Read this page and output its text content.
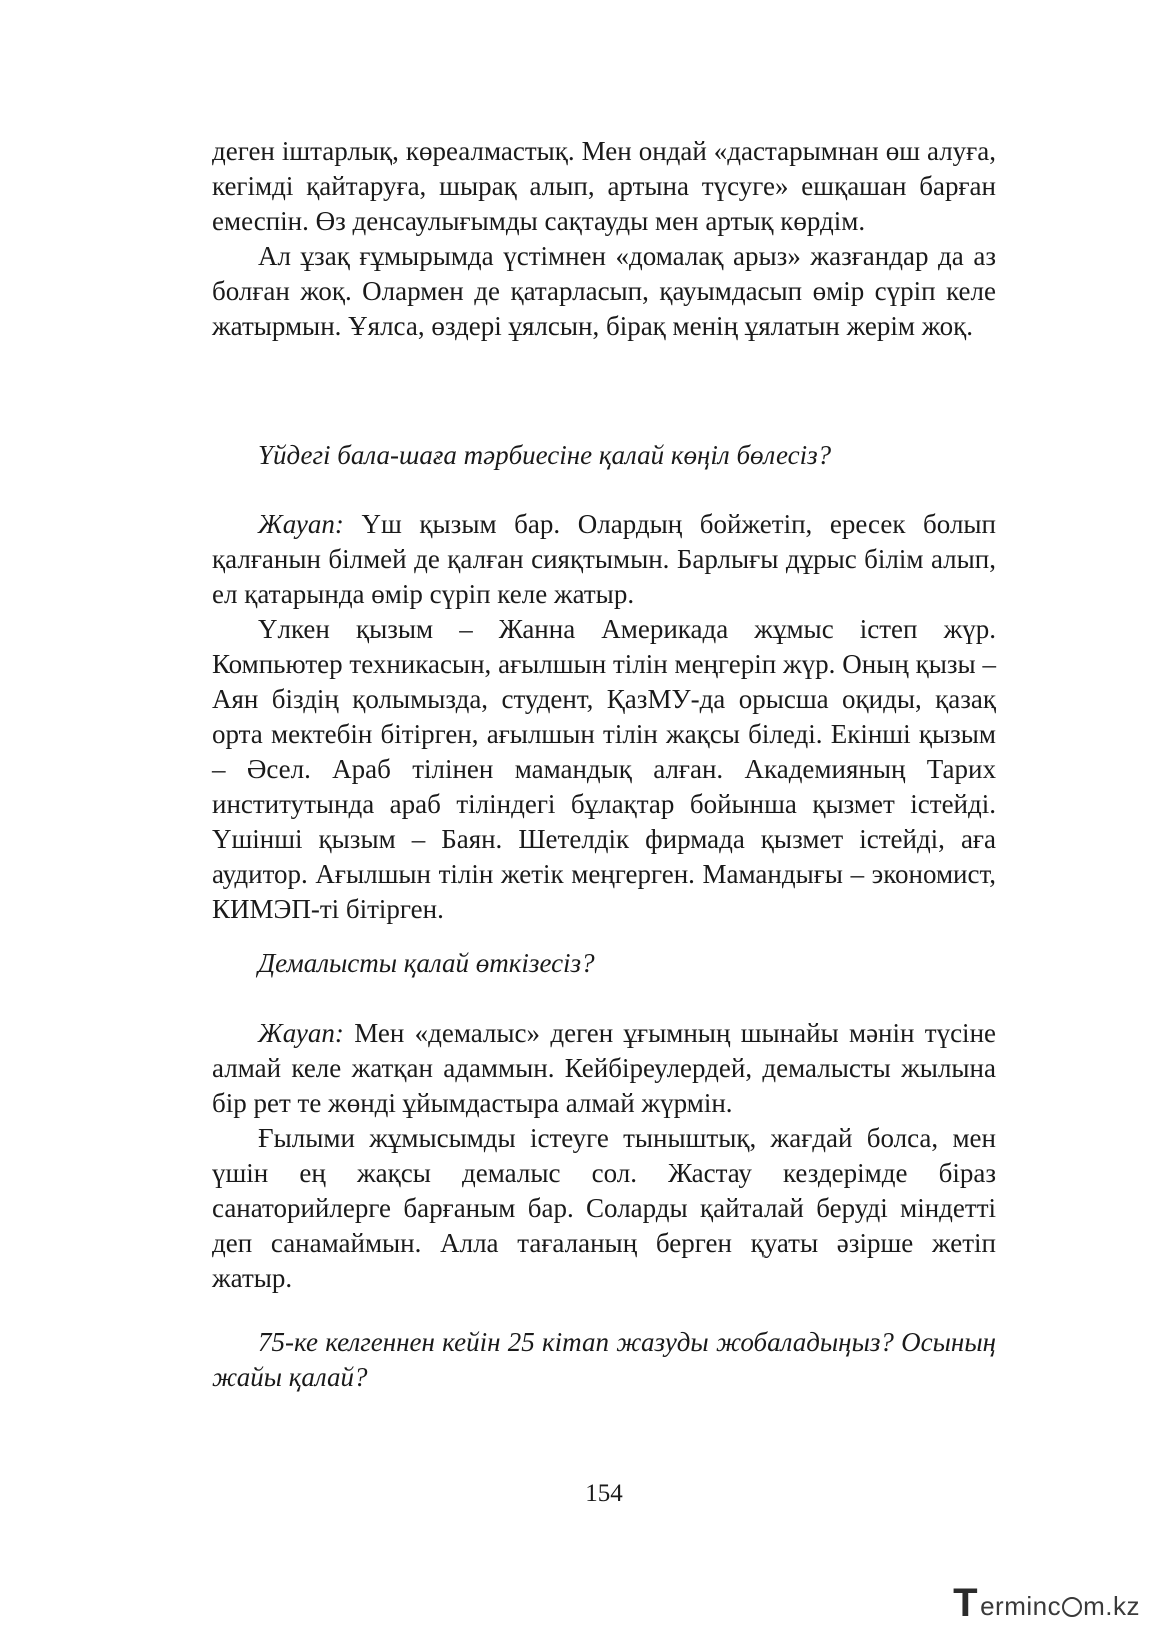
деген іштарлық, көреалмастық. Мен ондай «дастарымнан өш алуға, кегімді қайтаруға, шырақ алып, артына түсуге» ешқашан барған емеспін. Өз денсаулығымды сақтауды мен артық көрдім.

Ал ұзақ ғұмырымда үстімнен «домалақ арыз» жазғандар да аз болған жоқ. Олармен де қатарласып, қауымдасып өмір сүріп келе жатырмын. Ұялса, өздері ұялсын, бірақ менің ұялатын жерім жоқ.

Үйдегі бала-шаға тәрбиесіне қалай көңіл бөлесіз?

Жауап: Үш қызым бар. Олардың бойжетіп, ересек болып қалғанын білмей де қалған сияқтымын. Барлығы дұрыс білім алып, ел қатарында өмір сүріп келе жатыр.

Үлкен қызым – Жанна Америкада жұмыс істеп жүр. Компьютер техникасын, ағылшын тілін меңгеріп жүр. Оның қызы – Аян біздің қолымызда, студент, ҚазМУ-да орысша оқиды, қазақ орта мектебін бітірген, ағылшын тілін жақсы біледі. Екінші қызым – Әсел. Араб тілінен мамандық алған. Академияның Тарих институтында араб тіліндегі бұлақтар бойынша қызмет істейді. Үшінші қызым – Баян. Шетелдік фирмада қызмет істейді, аға аудитор. Ағылшын тілін жетік меңгерген. Мамандығы – экономист, КИМЭП-ті бітірген.

Демалысты қалай өткізесіз?

Жауап: Мен «демалыс» деген ұғымның шынайы мәнін түсіне алмай келе жатқан адаммын. Кейбіреулердей, демалысты жылына бір рет те жөнді ұйымдастыра алмай жүрмін.

Ғылыми жұмысымды істеуге тыныштық, жағдай болса, мен үшін ең жақсы демалыс сол. Жастау кездерімде біраз санаторийлерге барғаным бар. Соларды қайталай беруді міндетті деп санамаймын. Алла тағаланың берген қуаты әзірше жетіп жатыр.

75-ке келгеннен кейін 25 кітап жазуды жобаладыңыз? Осының жайы қалай?

154
T erminc m.kz
